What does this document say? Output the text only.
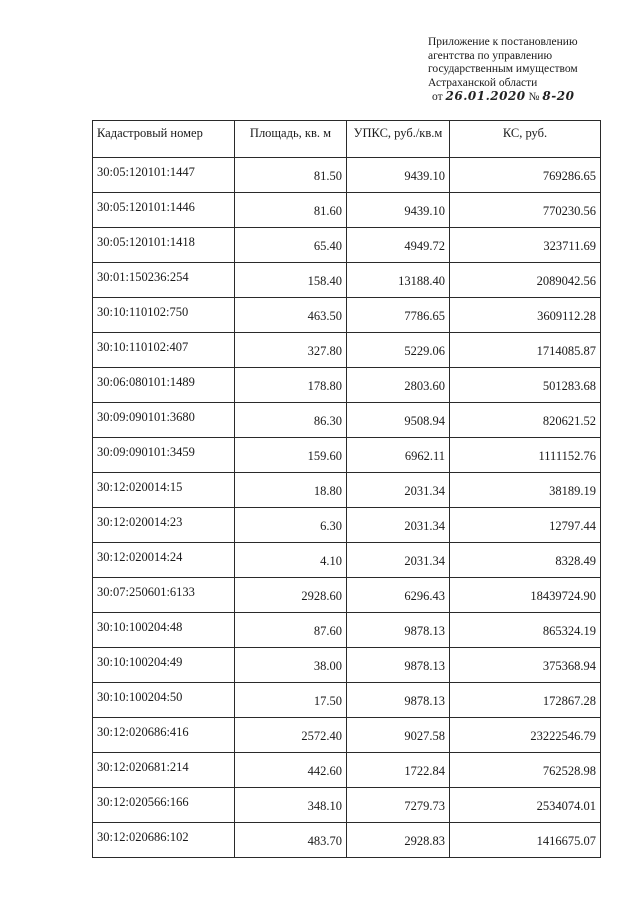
Приложение к постановлению
агентства по управлению
государственным имуществом
Астраханской области
от 26.01.2020 № 8-20
Кадастровый номер	Площадь, кв. м	УПКС, руб./кв.м	КС, руб.
30:05:120101:1447	81.50	9439.10	769286.65
30:05:120101:1446	81.60	9439.10	770230.56
30:05:120101:1418	65.40	4949.72	323711.69
30:01:150236:254	158.40	13188.40	2089042.56
30:10:110102:750	463.50	7786.65	3609112.28
30:10:110102:407	327.80	5229.06	1714085.87
30:06:080101:1489	178.80	2803.60	501283.68
30:09:090101:3680	86.30	9508.94	820621.52
30:09:090101:3459	159.60	6962.11	1111152.76
30:12:020014:15	18.80	2031.34	38189.19
30:12:020014:23	6.30	2031.34	12797.44
30:12:020014:24	4.10	2031.34	8328.49
30:07:250601:6133	2928.60	6296.43	18439724.90
30:10:100204:48	87.60	9878.13	865324.19
30:10:100204:49	38.00	9878.13	375368.94
30:10:100204:50	17.50	9878.13	172867.28
30:12:020686:416	2572.40	9027.58	23222546.79
30:12:020681:214	442.60	1722.84	762528.98
30:12:020566:166	348.10	7279.73	2534074.01
30:12:020686:102	483.70	2928.83	1416675.07
